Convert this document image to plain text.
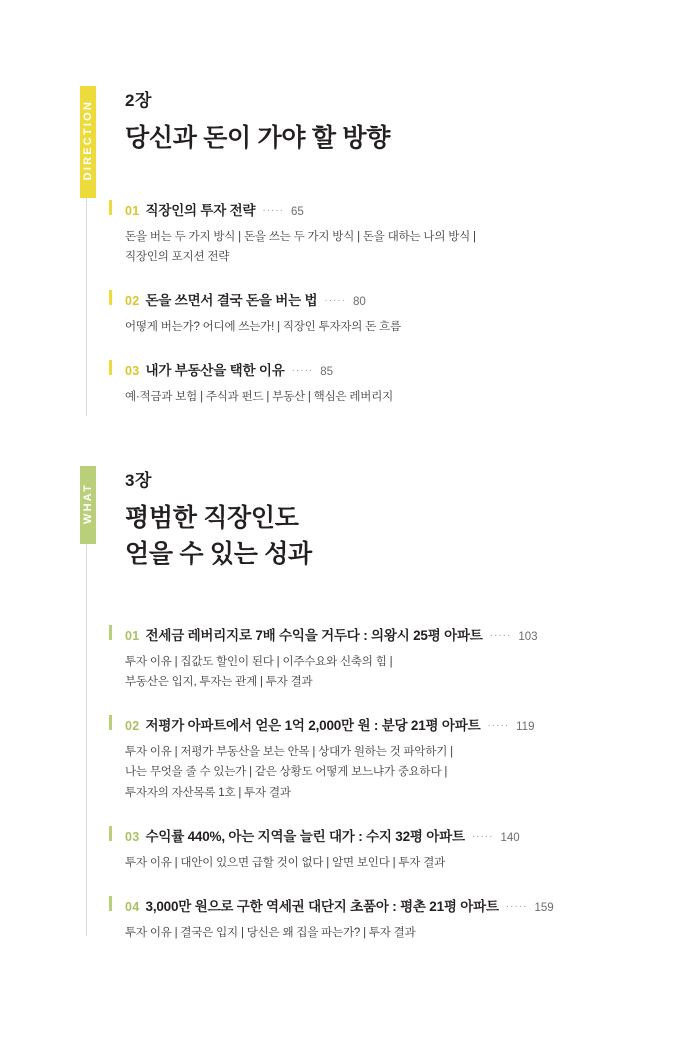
DIRECTION 2장
당신과 돈이 가야 할 방향
01 직장인의 투자 전략 ····· 65
돈을 버는 두 가지 방식 | 돈을 쓰는 두 가지 방식 | 돈을 대하는 나의 방식 |
직장인의 포지션 전략
02 돈을 쓰면서 결국 돈을 버는 법 ····· 80
어떻게 버는가? 어디에 쓰는가! | 직장인 투자자의 돈 흐름
03 내가 부동산을 택한 이유 ····· 85
예·적금과 보험 | 주식과 펀드 | 부동산 | 핵심은 레버리지
WHAT
3장
평범한 직장인도
얻을 수 있는 성과
01 전세금 레버리지로 7배 수익을 거두다 : 의왕시 25평 아파트 ····· 103
투자 이유 | 집값도 할인이 된다 | 이주수요와 신축의 힘 |
부동산은 입지, 투자는 관계 | 투자 결과
02 저평가 아파트에서 얻은 1억 2,000만 원 : 분당 21평 아파트 ····· 119
투자 이유 | 저평가 부동산을 보는 안목 | 상대가 원하는 것 파악하기 |
나는 무엇을 줄 수 있는가 | 같은 상황도 어떻게 보느냐가 중요하다 |
투자자의 자산목록 1호 | 투자 결과
03 수익률 440%, 아는 지역을 늘린 대가 : 수지 32평 아파트 ····· 140
투자 이유 | 대안이 있으면 급할 것이 없다 | 알면 보인다 | 투자 결과
04 3,000만 원으로 구한 역세권 대단지 초품아 : 평촌 21평 아파트 ····· 159
투자 이유 | 결국은 입지 | 당신은 왜 집을 파는가? | 투자 결과
